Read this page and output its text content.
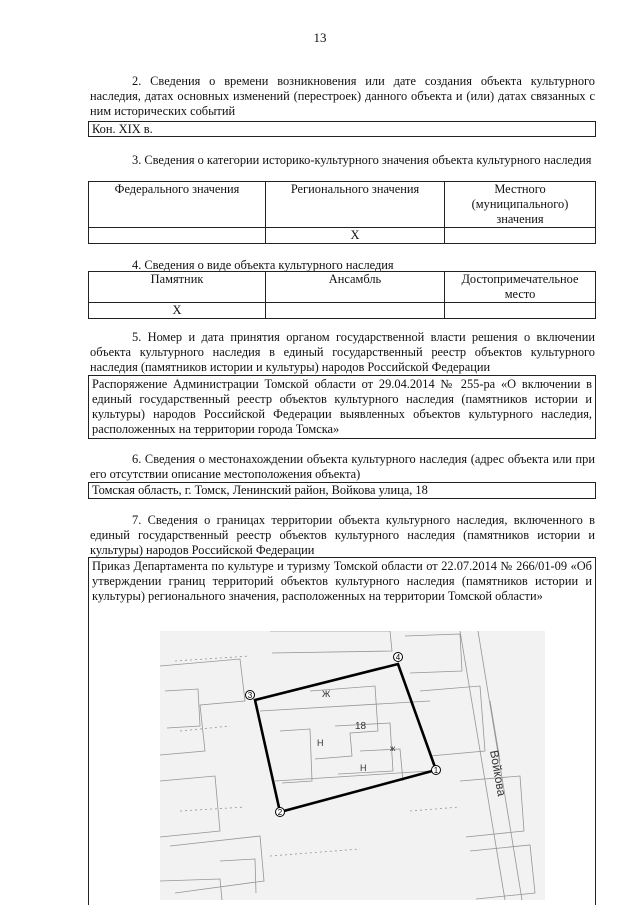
13
2. Сведения о времени возникновения или дате создания объекта культурного наследия, датах основных изменений (перестроек) данного объекта и (или) датах связанных с ним исторических событий
Кон. XIX в.
3. Сведения о категории историко-культурного значения объекта культурного наследия
Федерального значения	Регионального значения	Местного (муниципального) значения
	X	
4. Сведения о виде объекта культурного наследия
Памятник	Ансамбль	Достопримечательное место
X		
5. Номер и дата принятия органом государственной власти решения о включении объекта культурного наследия в единый государственный реестр объектов культурного наследия (памятников истории и культуры) народов Российской Федерации
Распоряжение Администрации Томской области от 29.04.2014 № 255-ра «О включении в единый государственный реестр объектов культурного наследия (памятников истории и культуры) народов Российской Федерации выявленных объектов культурного наследия, расположенных на территории города Томска»
6. Сведения о местонахождении объекта культурного наследия (адрес объекта или при его отсутствии описание местоположения объекта)
Томская область, г. Томск, Ленинский район, Войкова улица, 18
7. Сведения о границах территории объекта культурного наследия, включенного в единый государственный реестр объектов культурного наследия (памятников истории и культуры) народов Российской Федерации
Приказ Департамента по культуре и туризму Томской области от 22.07.2014 № 266/01-09 «Об утверждении границ территорий объектов культурного наследия (памятников истории и культуры) регионального значения, расположенных на территории Томской области»
Ж
18
Н
ж
Н	Войкова
1
2
3
4
